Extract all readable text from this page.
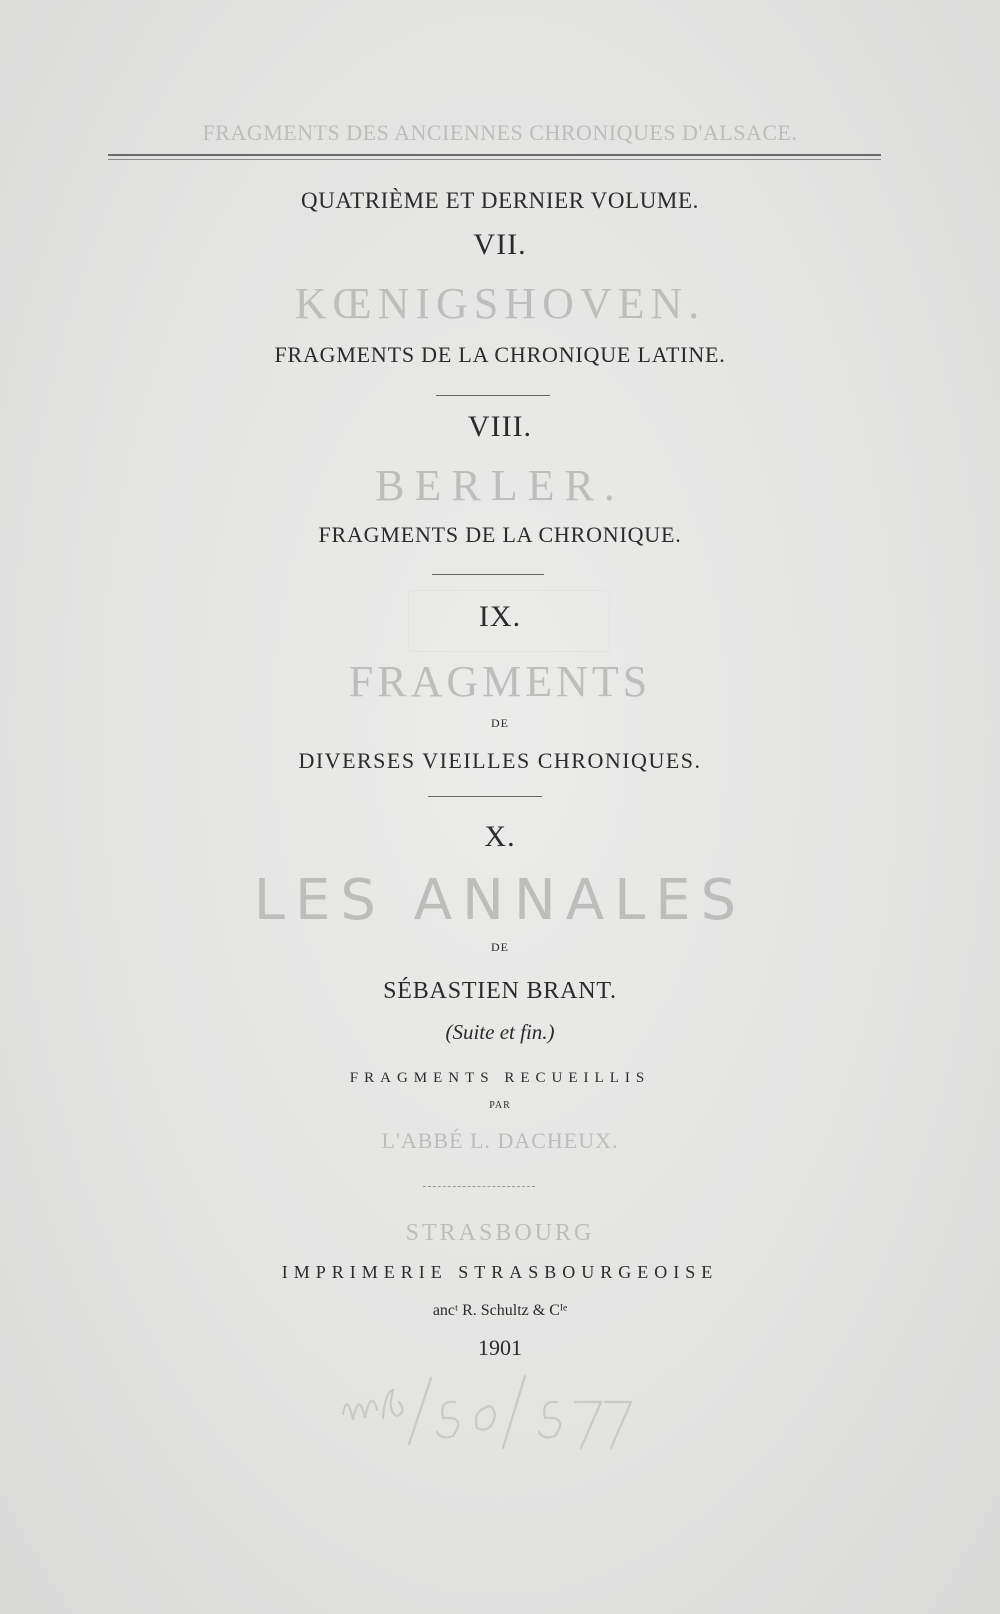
FRAGMENTS DES ANCIENNES CHRONIQUES D'ALSACE.
QUATRIÈME ET DERNIER VOLUME.
VII.
KŒNIGSHOVEN.
FRAGMENTS DE LA CHRONIQUE LATINE.
VIII.
BERLER.
FRAGMENTS DE LA CHRONIQUE.
IX.
FRAGMENTS
DE
DIVERSES VIEILLES CHRONIQUES.
X.
LES ANNALES
DE
SÉBASTIEN BRANT.
(Suite et fin.)
FRAGMENTS RECUEILLIS
PAR
L'ABBÉ L. DACHEUX.
STRASBOURG
IMPRIMERIE STRASBOURGEOISE
ancᵗ R. Schultz & Cᴵᵉ
1901
